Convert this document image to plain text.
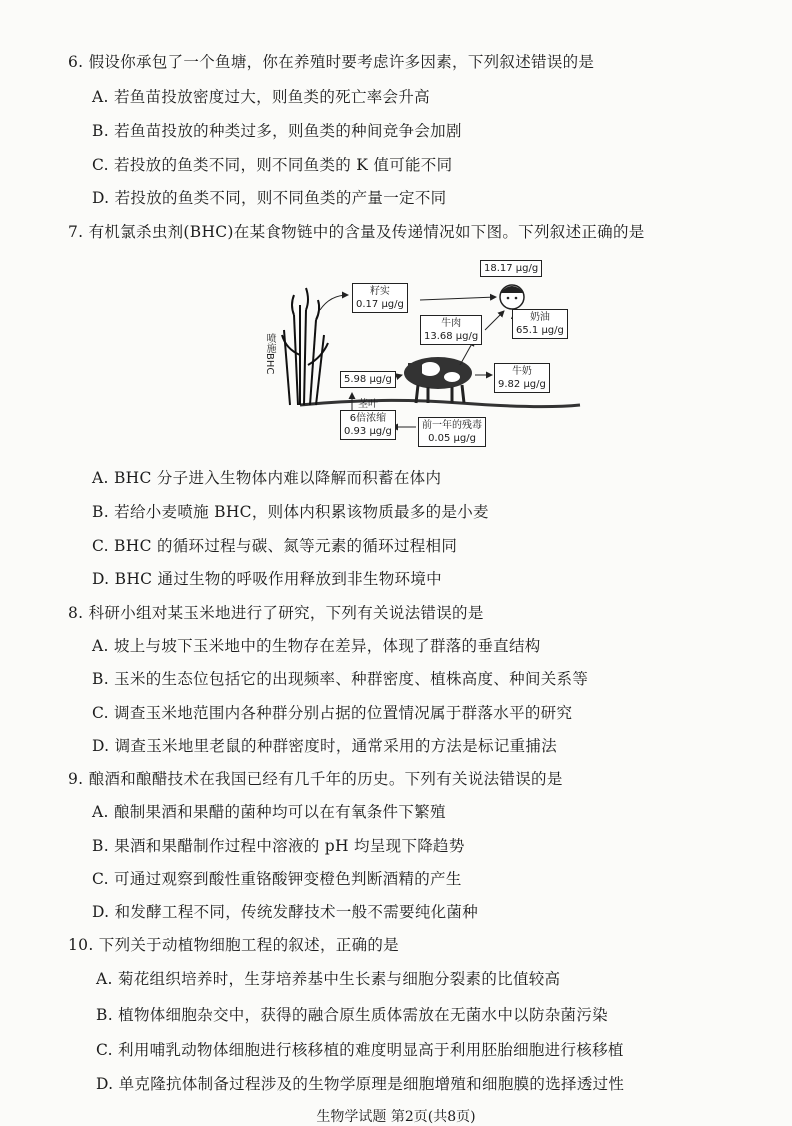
6. 假设你承包了一个鱼塘，你在养殖时要考虑许多因素，下列叙述错误的是
A. 若鱼苗投放密度过大，则鱼类的死亡率会升高
B. 若鱼苗投放的种类过多，则鱼类的种间竞争会加剧
C. 若投放的鱼类不同，则不同鱼类的 K 值可能不同
D. 若投放的鱼类不同，则不同鱼类的产量一定不同
7. 有机氯杀虫剂(BHC)在某食物链中的含量及传递情况如下图。下列叙述正确的是
喷施BHC
18.17 μg/g
籽实
0.17 μg/g
牛肉
13.68 μg/g
奶油
65.1 μg/g
牛奶
9.82 μg/g
5.98 μg/g
茎叶
6倍浓缩
0.93 μg/g
前一年的残毒
0.05 μg/g
A. BHC 分子进入生物体内难以降解而积蓄在体内
B. 若给小麦喷施 BHC，则体内积累该物质最多的是小麦
C. BHC 的循环过程与碳、氮等元素的循环过程相同
D. BHC 通过生物的呼吸作用释放到非生物环境中
8. 科研小组对某玉米地进行了研究，下列有关说法错误的是
A. 坡上与坡下玉米地中的生物存在差异，体现了群落的垂直结构
B. 玉米的生态位包括它的出现频率、种群密度、植株高度、种间关系等
C. 调查玉米地范围内各种群分别占据的位置情况属于群落水平的研究
D. 调查玉米地里老鼠的种群密度时，通常采用的方法是标记重捕法
9. 酿酒和酿醋技术在我国已经有几千年的历史。下列有关说法错误的是
A. 酿制果酒和果醋的菌种均可以在有氧条件下繁殖
B. 果酒和果醋制作过程中溶液的 pH 均呈现下降趋势
C. 可通过观察到酸性重铬酸钾变橙色判断酒精的产生
D. 和发酵工程不同，传统发酵技术一般不需要纯化菌种
10. 下列关于动植物细胞工程的叙述，正确的是
A. 菊花组织培养时，生芽培养基中生长素与细胞分裂素的比值较高
B. 植物体细胞杂交中，获得的融合原生质体需放在无菌水中以防杂菌污染
C. 利用哺乳动物体细胞进行核移植的难度明显高于利用胚胎细胞进行核移植
D. 单克隆抗体制备过程涉及的生物学原理是细胞增殖和细胞膜的选择透过性
生物学试题 第2页(共8页)
